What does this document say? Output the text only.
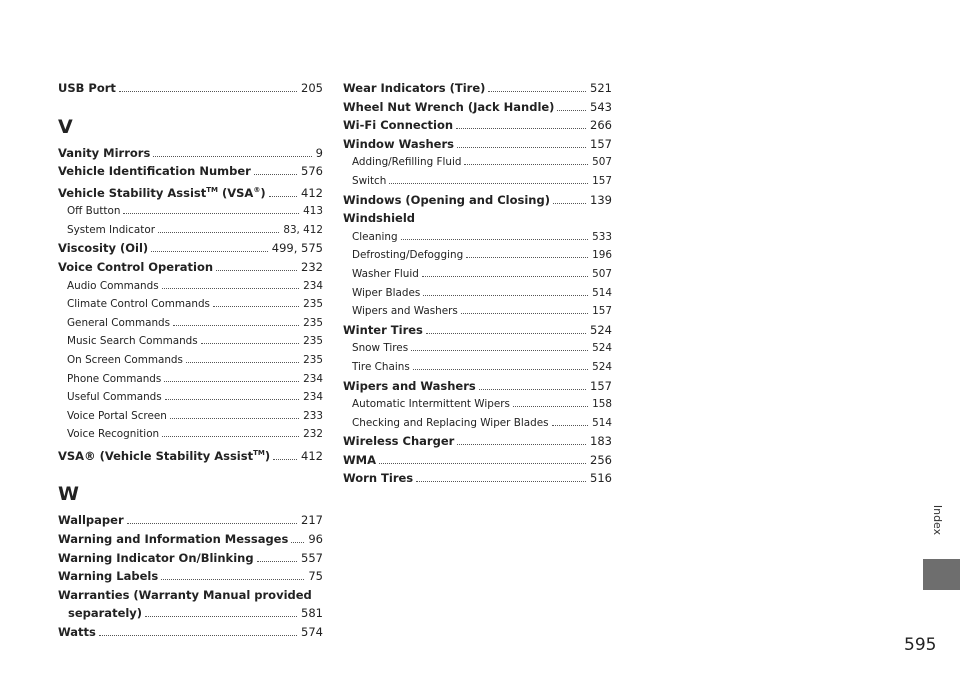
USB Port	205
V
Vanity Mirrors	9
Vehicle Identification Number	576
Vehicle Stability Assist™ (VSA®)	412
Off Button	413
System Indicator	83, 412
Viscosity (Oil)	499, 575
Voice Control Operation	232
Audio Commands	234
Climate Control Commands	235
General Commands	235
Music Search Commands	235
On Screen Commands	235
Phone Commands	234
Useful Commands	234
Voice Portal Screen	233
Voice Recognition	232
VSA® (Vehicle Stability Assist™)	412
W
Wallpaper	217
Warning and Information Messages 96
Warning Indicator On/Blinking	557
Warning Labels	75
Warranties (Warranty Manual provided
separately)	581
Watts	574
Wear Indicators (Tire)	521
Wheel Nut Wrench (Jack Handle)	543
Wi-Fi Connection	266
Window Washers	157
Adding/Refilling Fluid	507
Switch	157
Windows (Opening and Closing)	139
Windshield
Cleaning	533
Defrosting/Defogging	196
Washer Fluid	507
Wiper Blades	514
Wipers and Washers	157
Winter Tires	524
Snow Tires	524
Tire Chains	524
Wipers and Washers	157
Automatic Intermittent Wipers	158
Checking and Replacing Wiper Blades	514
Wireless Charger	183
WMA	256
Worn Tires	516
Index
595
